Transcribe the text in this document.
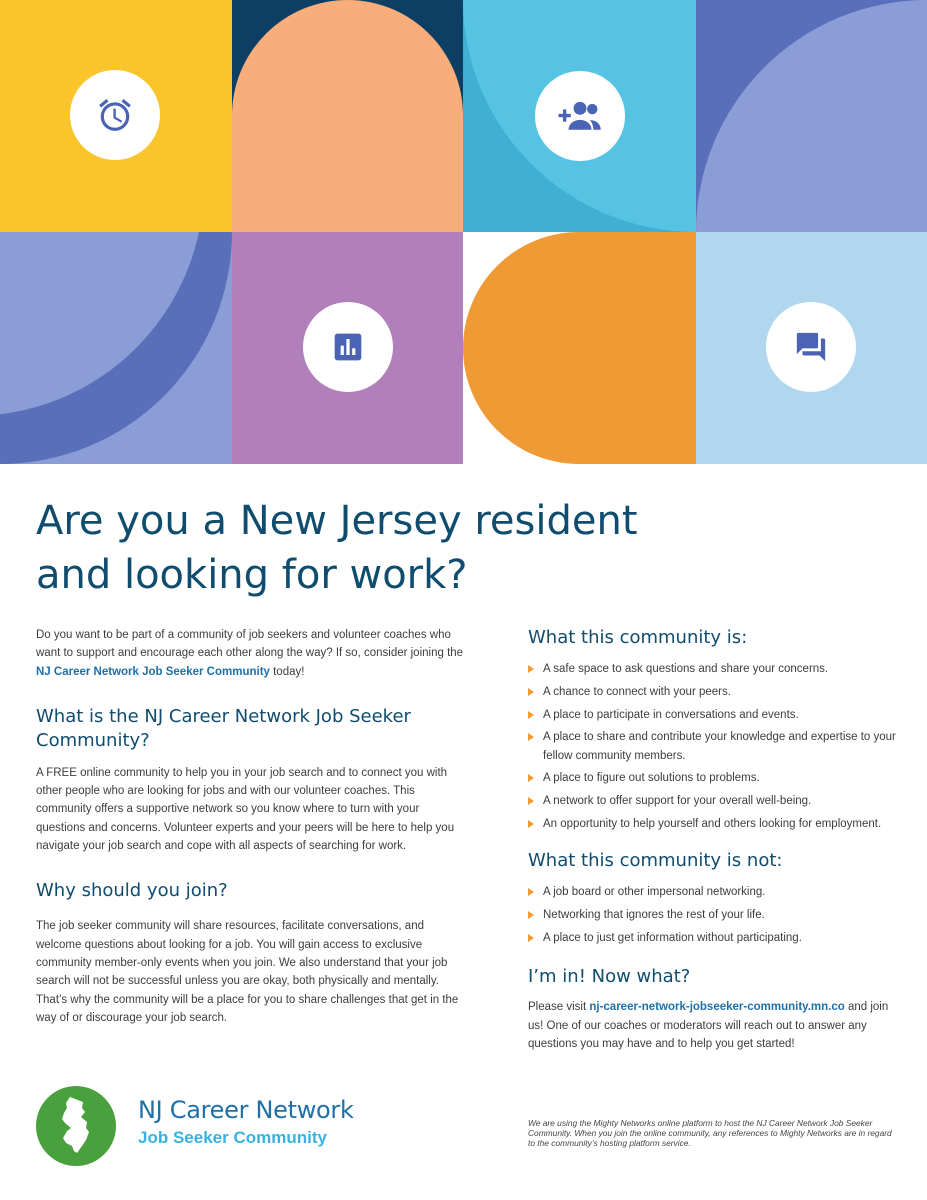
Are you a New Jersey resident
and looking for work?

Do you want to be part of a community of job seekers and volunteer coaches who want to support and encourage each other along the way? If so, consider joining the NJ Career Network Job Seeker Community today!

What is the NJ Career Network Job Seeker Community?

A FREE online community to help you in your job search and to connect you with other people who are looking for jobs and with our volunteer coaches. This community offers a supportive network so you know where to turn with your questions and concerns. Volunteer experts and your peers will be here to help you navigate your job search and cope with all aspects of searching for work.

Why should you join?

The job seeker community will share resources, facilitate conversations, and welcome questions about looking for a job. You will gain access to exclusive community member-only events when you join. We also understand that your job search will not be successful unless you are okay, both physically and mentally. That’s why the community will be a place for you to share challenges that get in the way of or discourage your job search.

What this community is:
A safe space to ask questions and share your concerns.
A chance to connect with your peers.
A place to participate in conversations and events.
A place to share and contribute your knowledge and expertise to your fellow community members.
A place to figure out solutions to problems.
A network to offer support for your overall well-being.
An opportunity to help yourself and others looking for employment.
What this community is not:
A job board or other impersonal networking.
Networking that ignores the rest of your life.
A place to just get information without participating.
I’m in! Now what?

Please visit nj-career-network-jobseeker-community.mn.co and join us! One of our coaches or moderators will reach out to answer any questions you may have and to help you get started!

NJ Career Network
Job Seeker Community

We are using the Mighty Networks online platform to host the NJ Career Network Job Seeker Community. When you join the online community, any references to Mighty Networks are in regard to the community’s hosting platform service.
